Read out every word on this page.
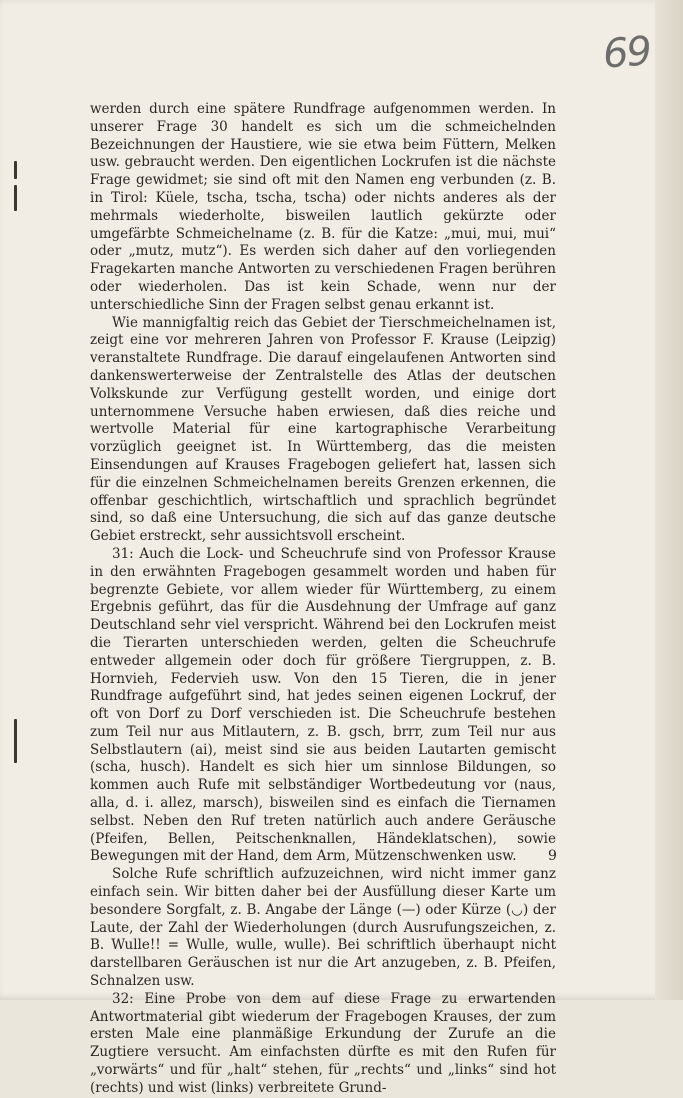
69

werden durch eine spätere Rundfrage aufgenommen werden. In unserer Frage 30 handelt es sich um die schmeichelnden Bezeichnungen der Haustiere, wie sie etwa beim Füttern, Melken usw. gebraucht werden. Den eigentlichen Lockrufen ist die nächste Frage gewidmet; sie sind oft mit den Namen eng verbunden (z. B. in Tirol: Küele, tscha, tscha, tscha) oder nichts anderes als der mehrmals wiederholte, bisweilen lautlich gekürzte oder umgefärbte Schmeichelname (z. B. für die Katze: „mui, mui, mui“ oder „mutz, mutz“). Es werden sich daher auf den vorliegenden Fragekarten manche Antworten zu verschiedenen Fragen berühren oder wiederholen. Das ist kein Schade, wenn nur der unterschiedliche Sinn der Fragen selbst genau erkannt ist.

Wie mannigfaltig reich das Gebiet der Tierschmeichelnamen ist, zeigt eine vor mehreren Jahren von Professor F. Krause (Leipzig) veranstaltete Rundfrage. Die darauf eingelaufenen Antworten sind dankenswerterweise der Zentralstelle des Atlas der deutschen Volkskunde zur Verfügung gestellt worden, und einige dort unternommene Versuche haben erwiesen, daß dies reiche und wertvolle Material für eine kartographische Verarbeitung vorzüglich geeignet ist. In Württemberg, das die meisten Einsendungen auf Krauses Fragebogen geliefert hat, lassen sich für die einzelnen Schmeichelnamen bereits Grenzen erkennen, die offenbar geschichtlich, wirtschaftlich und sprachlich begründet sind, so daß eine Untersuchung, die sich auf das ganze deutsche Gebiet erstreckt, sehr aussichtsvoll erscheint.

31: Auch die Lock- und Scheuchrufe sind von Professor Krause in den erwähnten Fragebogen gesammelt worden und haben für begrenzte Gebiete, vor allem wieder für Württemberg, zu einem Ergebnis geführt, das für die Ausdehnung der Umfrage auf ganz Deutschland sehr viel verspricht. Während bei den Lockrufen meist die Tierarten unterschieden werden, gelten die Scheuchrufe entweder allgemein oder doch für größere Tiergruppen, z. B. Hornvieh, Federvieh usw. Von den 15 Tieren, die in jener Rundfrage aufgeführt sind, hat jedes seinen eigenen Lockruf, der oft von Dorf zu Dorf verschieden ist. Die Scheuchrufe bestehen zum Teil nur aus Mitlautern, z. B. gsch, brrr, zum Teil nur aus Selbstlautern (ai), meist sind sie aus beiden Lautarten gemischt (scha, husch). Handelt es sich hier um sinnlose Bildungen, so kommen auch Rufe mit selbständiger Wortbedeutung vor (naus, alla, d. i. allez, marsch), bisweilen sind es einfach die Tiernamen selbst. Neben den Ruf treten natürlich auch andere Geräusche (Pfeifen, Bellen, Peitschenknallen, Händeklatschen), sowie Bewegungen mit der Hand, dem Arm, Mützenschwenken usw.

Solche Rufe schriftlich aufzuzeichnen, wird nicht immer ganz einfach sein. Wir bitten daher bei der Ausfüllung dieser Karte um besondere Sorgfalt, z. B. Angabe der Länge (—) oder Kürze (◡) der Laute, der Zahl der Wiederholungen (durch Ausrufungszeichen, z. B. Wulle!! = Wulle, wulle, wulle). Bei schriftlich überhaupt nicht darstellbaren Geräuschen ist nur die Art anzugeben, z. B. Pfeifen, Schnalzen usw.

32: Eine Probe von dem auf diese Frage zu erwartenden Antwortmaterial gibt wiederum der Fragebogen Krauses, der zum ersten Male eine planmäßige Erkundung der Zurufe an die Zugtiere versucht. Am einfachsten dürfte es mit den Rufen für „vorwärts“ und für „halt“ stehen, für „rechts“ und „links“ sind hot (rechts) und wist (links) verbreitete Grund-

9
